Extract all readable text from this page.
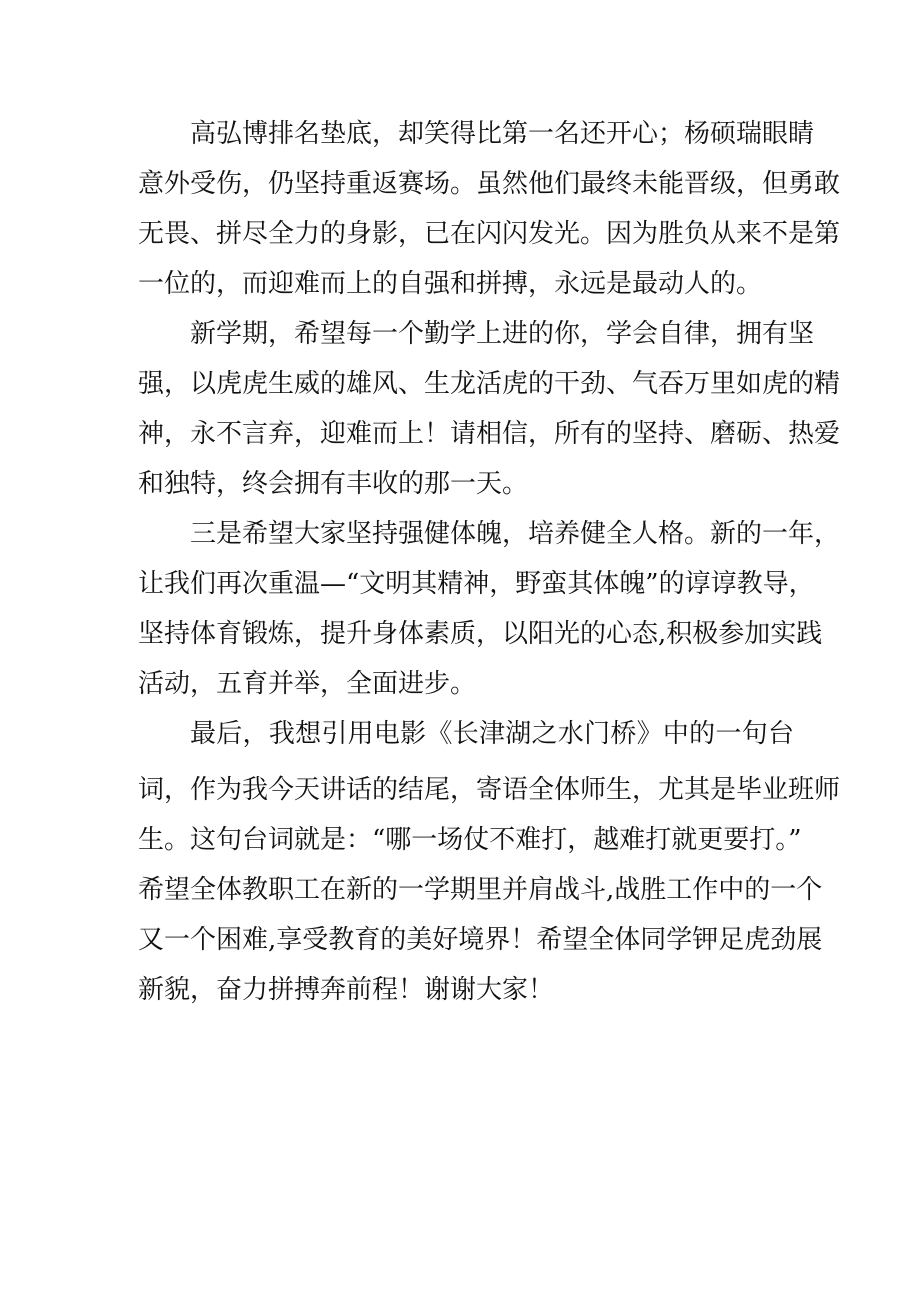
高弘博排名垫底，却笑得比第一名还开心；杨硕瑞眼睛
意外受伤，仍坚持重返赛场。虽然他们最终未能晋级，但勇敢
无畏、拼尽全力的身影，已在闪闪发光。因为胜负从来不是第
一位的，而迎难而上的自强和拼搏，永远是最动人的。
新学期，希望每一个勤学上进的你，学会自律，拥有坚
强，以虎虎生威的雄风、生龙活虎的干劲、气吞万里如虎的精
神，永不言弃，迎难而上！请相信，所有的坚持、磨砺、热爱
和独特，终会拥有丰收的那一天。
三是希望大家坚持强健体魄，培养健全人格。新的一年，
让我们再次重温—“文明其精神，野蛮其体魄”的谆谆教导，
坚持体育锻炼，提升身体素质，以阳光的心态,积极参加实践
活动，五育并举，全面进步。
最后，我想引用电影《长津湖之水门桥》中的一句台
词，作为我今天讲话的结尾，寄语全体师生，尤其是毕业班师
生。这句台词就是：“哪一场仗不难打，越难打就更要打。”
希望全体教职工在新的一学期里并肩战斗,战胜工作中的一个
又一个困难,享受教育的美好境界！希望全体同学钾足虎劲展
新貌，奋力拼搏奔前程！谢谢大家！
